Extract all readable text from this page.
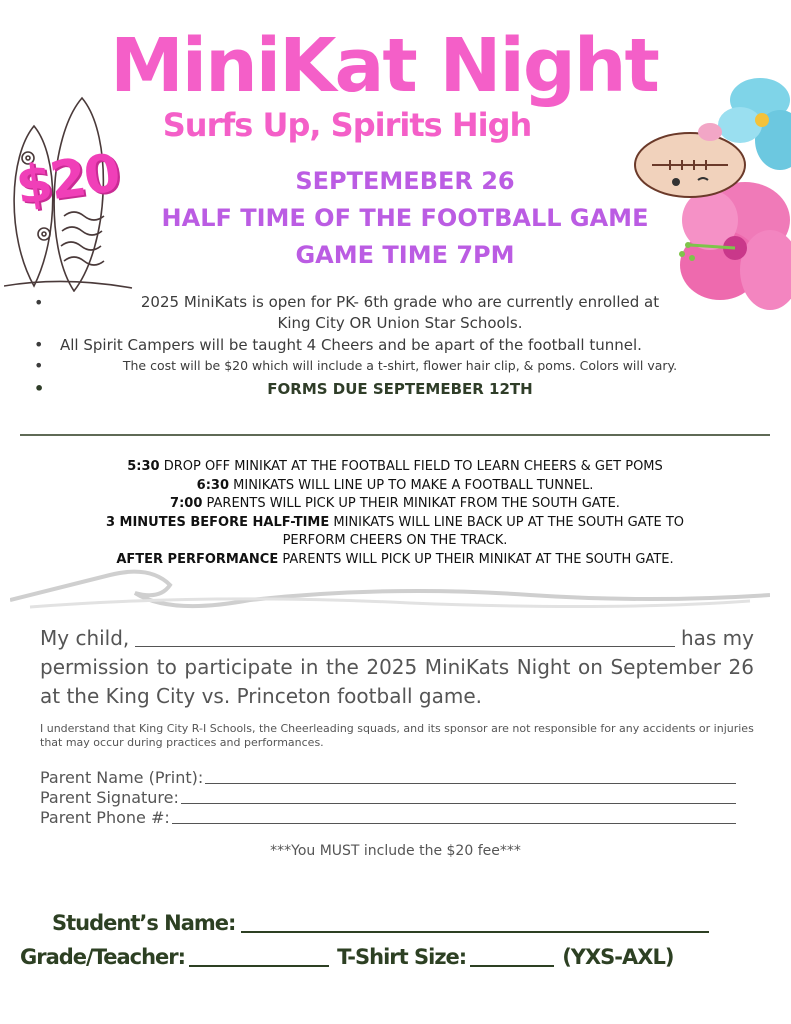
$20
MiniKat Night
Surfs Up, Spirits High
SEPTEMEBER 26
HALF TIME OF THE FOOTBALL GAME
GAME TIME 7PM
•	2025 MiniKats is open for PK- 6th grade who are currently enrolled at
King City OR Union Star Schools.
• All Spirit Campers will be taught 4 Cheers and be apart of the football tunnel.
•	The cost will be $20 which will include a t-shirt, flower hair clip, & poms. Colors will vary.
•	FORMS DUE SEPTEMEBER 12TH
5:30 DROP OFF MINIKAT AT THE FOOTBALL FIELD TO LEARN CHEERS & GET POMS
6:30 MINIKATS WILL LINE UP TO MAKE A FOOTBALL TUNNEL.
7:00 PARENTS WILL PICK UP THEIR MINIKAT FROM THE SOUTH GATE.
3 MINUTES BEFORE HALF-TIME MINIKATS WILL LINE BACK UP AT THE SOUTH GATE TO
PERFORM CHEERS ON THE TRACK.
AFTER PERFORMANCE PARENTS WILL PICK UP THEIR MINIKAT AT THE SOUTH GATE.
My child,	has my
permission to participate in the 2025 MiniKats Night on September 26 at the King City vs. Princeton football game.
I understand that King City R-I Schools, the Cheerleading squads, and its sponsor are not responsible for any accidents or injuries that may occur during practices and performances.
Parent Name (Print):
Parent Signature:
Parent Phone #:
***You MUST include the $20 fee***
Student’s Name:
Grade/Teacher:	T-Shirt Size:	(YXS-AXL)
